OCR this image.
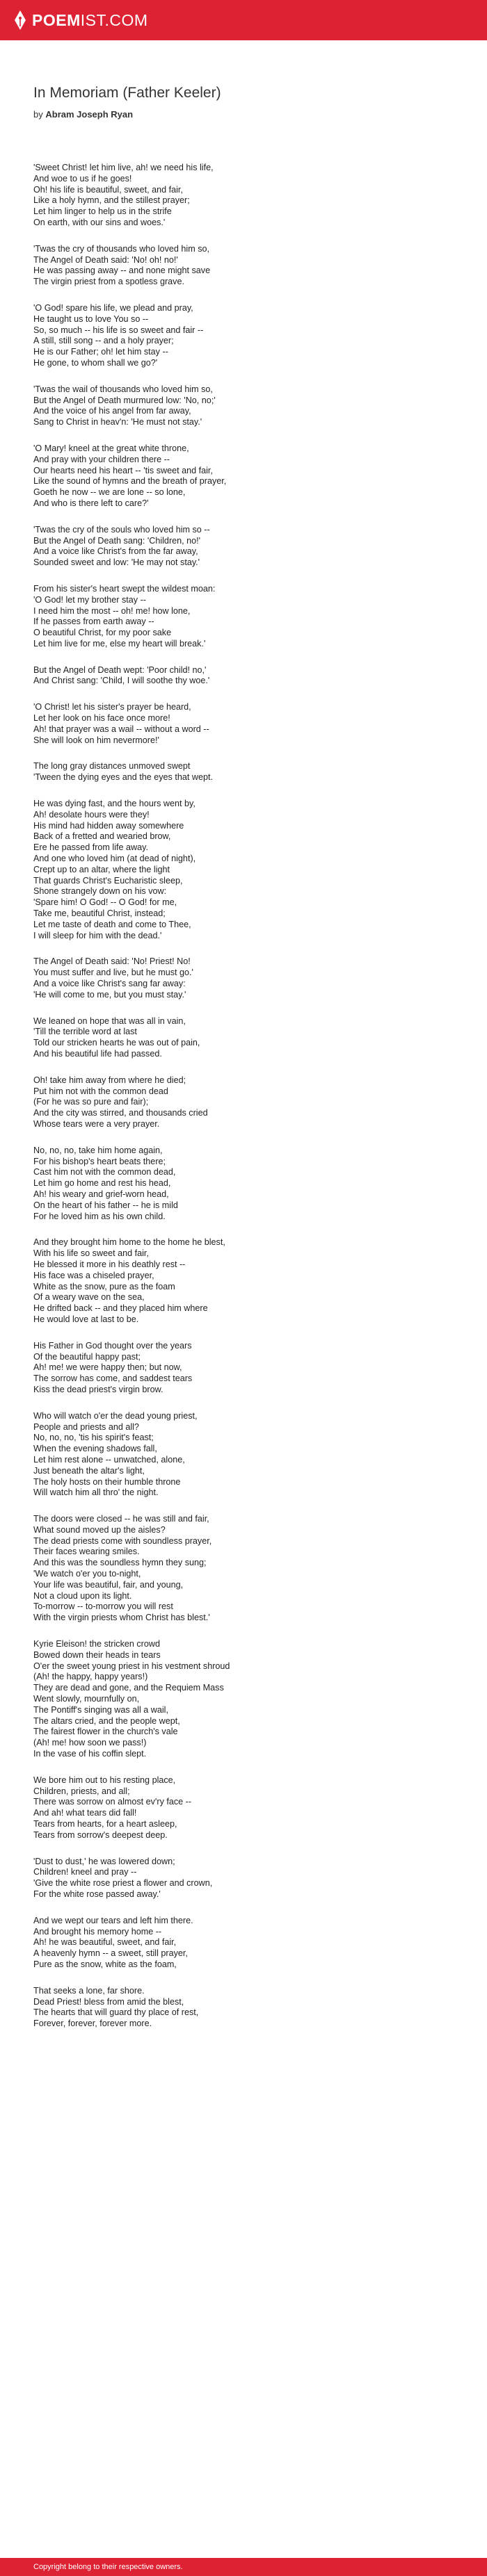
POEMIST.COM
In Memoriam (Father Keeler)
by Abram Joseph Ryan
'Sweet Christ! let him live, ah! we need his life,
And woe to us if he goes!
Oh! his life is beautiful, sweet, and fair,
Like a holy hymn, and the stillest prayer;
Let him linger to help us in the strife
On earth, with our sins and woes.'
'Twas the cry of thousands who loved him so,
The Angel of Death said: 'No! oh! no!'
He was passing away -- and none might save
The virgin priest from a spotless grave.
'O God! spare his life, we plead and pray,
He taught us to love You so --
So, so much -- his life is so sweet and fair --
A still, still song -- and a holy prayer;
He is our Father; oh! let him stay --
He gone, to whom shall we go?'
'Twas the wail of thousands who loved him so,
But the Angel of Death murmured low: 'No, no;'
And the voice of his angel from far away,
Sang to Christ in heav'n: 'He must not stay.'
'O Mary! kneel at the great white throne,
And pray with your children there --
Our hearts need his heart -- 'tis sweet and fair,
Like the sound of hymns and the breath of prayer,
Goeth he now -- we are lone -- so lone,
And who is there left to care?'
'Twas the cry of the souls who loved him so --
But the Angel of Death sang: 'Children, no!'
And a voice like Christ's from the far away,
Sounded sweet and low: 'He may not stay.'
From his sister's heart swept the wildest moan:
'O God! let my brother stay --
I need him the most -- oh! me! how lone,
If he passes from earth away --
O beautiful Christ, for my poor sake
Let him live for me, else my heart will break.'
But the Angel of Death wept: 'Poor child! no,'
And Christ sang: 'Child, I will soothe thy woe.'
'O Christ! let his sister's prayer be heard,
Let her look on his face once more!
Ah! that prayer was a wail -- without a word --
She will look on him nevermore!'
The long gray distances unmoved swept
'Tween the dying eyes and the eyes that wept.
He was dying fast, and the hours went by,
Ah! desolate hours were they!
His mind had hidden away somewhere
Back of a fretted and wearied brow,
Ere he passed from life away.
And one who loved him (at dead of night),
Crept up to an altar, where the light
That guards Christ's Eucharistic sleep,
Shone strangely down on his vow:
'Spare him! O God! -- O God! for me,
Take me, beautiful Christ, instead;
Let me taste of death and come to Thee,
I will sleep for him with the dead.'
The Angel of Death said: 'No! Priest! No!
You must suffer and live, but he must go.'
And a voice like Christ's sang far away:
'He will come to me, but you must stay.'
We leaned on hope that was all in vain,
'Till the terrible word at last
Told our stricken hearts he was out of pain,
And his beautiful life had passed.
Oh! take him away from where he died;
Put him not with the common dead
(For he was so pure and fair);
And the city was stirred, and thousands cried
Whose tears were a very prayer.
No, no, no, take him home again,
For his bishop's heart beats there;
Cast him not with the common dead,
Let him go home and rest his head,
Ah! his weary and grief-worn head,
On the heart of his father -- he is mild
For he loved him as his own child.
And they brought him home to the home he blest,
With his life so sweet and fair,
He blessed it more in his deathly rest --
His face was a chiseled prayer,
White as the snow, pure as the foam
Of a weary wave on the sea,
He drifted back -- and they placed him where
He would love at last to be.
His Father in God thought over the years
Of the beautiful happy past;
Ah! me! we were happy then; but now,
The sorrow has come, and saddest tears
Kiss the dead priest's virgin brow.
Who will watch o'er the dead young priest,
People and priests and all?
No, no, no, 'tis his spirit's feast;
When the evening shadows fall,
Let him rest alone -- unwatched, alone,
Just beneath the altar's light,
The holy hosts on their humble throne
Will watch him all thro' the night.
The doors were closed -- he was still and fair,
What sound moved up the aisles?
The dead priests come with soundless prayer,
Their faces wearing smiles.
And this was the soundless hymn they sung;
'We watch o'er you to-night,
Your life was beautiful, fair, and young,
Not a cloud upon its light.
To-morrow -- to-morrow you will rest
With the virgin priests whom Christ has blest.'
Kyrie Eleison! the stricken crowd
Bowed down their heads in tears
O'er the sweet young priest in his vestment shroud
(Ah! the happy, happy years!)
They are dead and gone, and the Requiem Mass
Went slowly, mournfully on,
The Pontiff's singing was all a wail,
The altars cried, and the people wept,
The fairest flower in the church's vale
(Ah! me! how soon we pass!)
In the vase of his coffin slept.
We bore him out to his resting place,
Children, priests, and all;
There was sorrow on almost ev'ry face --
And ah! what tears did fall!
Tears from hearts, for a heart asleep,
Tears from sorrow's deepest deep.
'Dust to dust,' he was lowered down;
Children! kneel and pray --
'Give the white rose priest a flower and crown,
For the white rose passed away.'
And we wept our tears and left him there.
And brought his memory home --
Ah! he was beautiful, sweet, and fair,
A heavenly hymn -- a sweet, still prayer,
Pure as the snow, white as the foam,
That seeks a lone, far shore.
Dead Priest! bless from amid the blest,
The hearts that will guard thy place of rest,
Forever, forever, forever more.
Copyright belong to their respective owners.
